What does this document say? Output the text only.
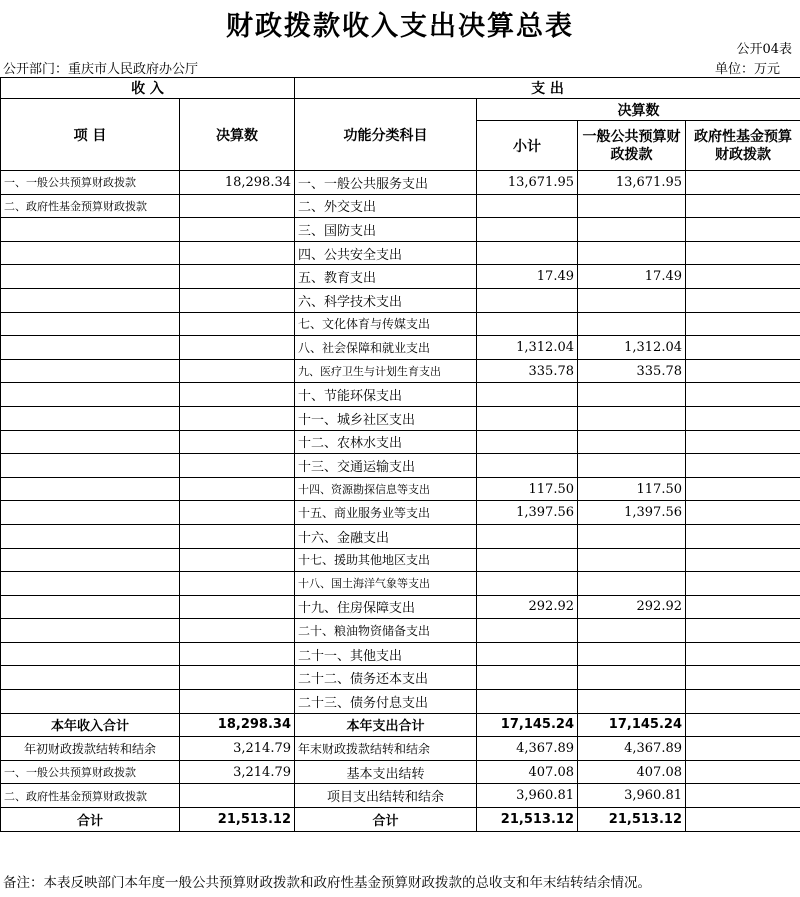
财政拨款收入支出决算总表
公开04表
公开部门：重庆市人民政府办公厅	单位：万元
收 入		支 出			
项 目	决算数	功能分类科目	决算数		
			小计	一般公共预算财政拨款	政府性基金预算财政拨款
一、一般公共预算财政拨款	18,298.34	一、一般公共服务支出	13,671.95	13,671.95	
二、政府性基金预算财政拨款		二、外交支出			
		三、国防支出			
		四、公共安全支出			
		五、教育支出	17.49	17.49	
		六、科学技术支出			
		七、文化体育与传媒支出			
		八、社会保障和就业支出	1,312.04	1,312.04	
		九、医疗卫生与计划生育支出	335.78	335.78	
		十、节能环保支出			
		十一、城乡社区支出			
		十二、农林水支出			
		十三、交通运输支出			
		十四、资源勘探信息等支出	117.50	117.50	
		十五、商业服务业等支出	1,397.56	1,397.56	
		十六、金融支出			
		十七、援助其他地区支出			
		十八、国土海洋气象等支出			
		十九、住房保障支出	292.92	292.92	
		二十、粮油物资储备支出			
		二十一、其他支出			
		二十二、债务还本支出			
		二十三、债务付息支出			
本年收入合计	18,298.34	本年支出合计	17,145.24	17,145.24	
年初财政拨款结转和结余	3,214.79	年末财政拨款结转和结余	4,367.89	4,367.89	
一、一般公共预算财政拨款	3,214.79	基本支出结转	407.08	407.08	
二、政府性基金预算财政拨款		项目支出结转和结余	3,960.81	3,960.81	
合计	21,513.12	合计	21,513.12	21,513.12	
备注：本表反映部门本年度一般公共预算财政拨款和政府性基金预算财政拨款的总收支和年末结转结余情况。
